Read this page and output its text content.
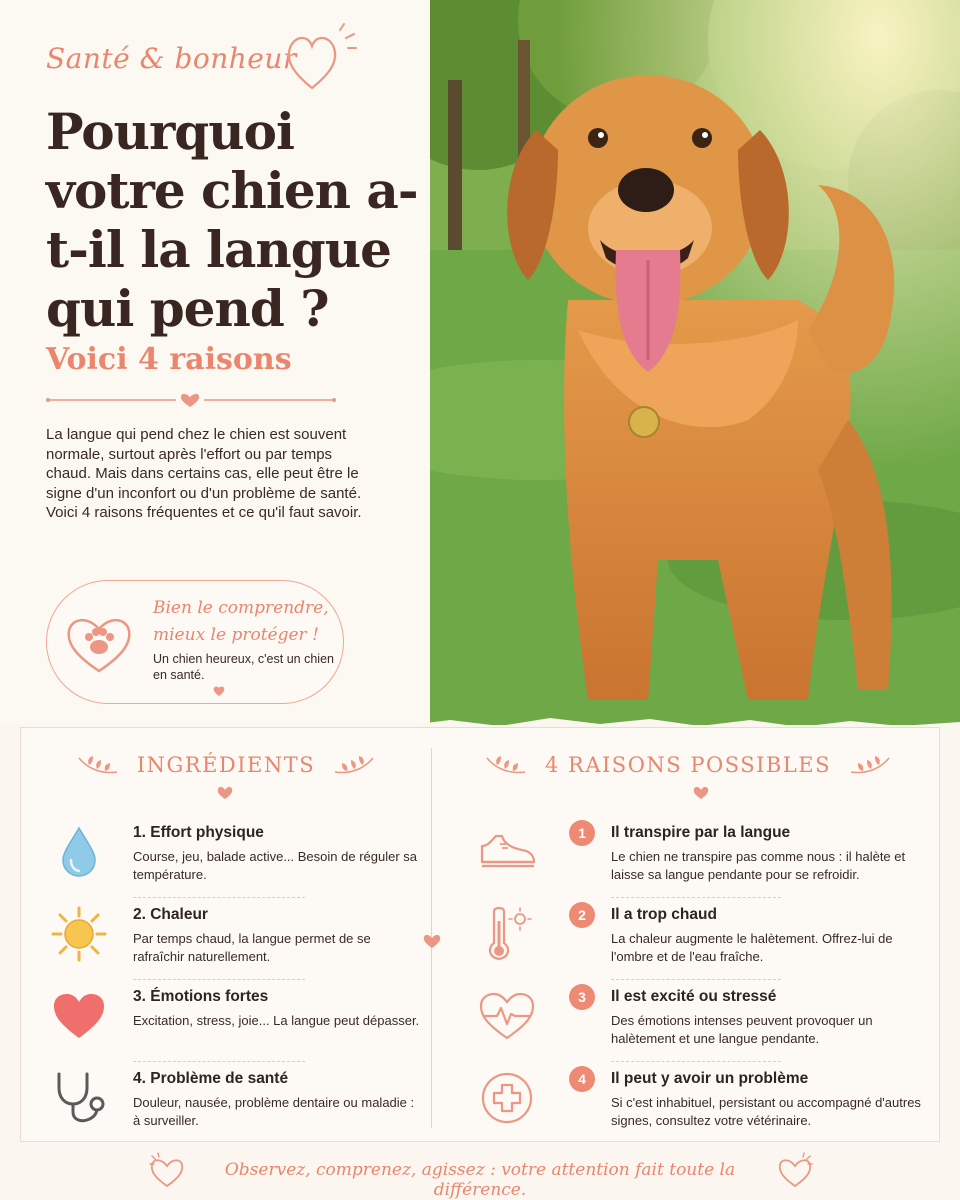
Santé & bonheur
Pourquoi votre chien a-t-il la langue qui pend ?
Voici 4 raisons
La langue qui pend chez le chien est souvent normale, surtout après l'effort ou par temps chaud. Mais dans certains cas, elle peut être le signe d'un inconfort ou d'un problème de santé. Voici 4 raisons fréquentes et ce qu'il faut savoir.
Bien le comprendre, mieux le protéger !
Un chien heureux, c'est un chien en santé.
INGRÉDIENTS
1. Effort physique
Course, jeu, balade active... Besoin de réguler sa température.
2. Chaleur
Par temps chaud, la langue permet de se rafraîchir naturellement.
3. Émotions fortes
Excitation, stress, joie... La langue peut dépasser.
4. Problème de santé
Douleur, nausée, problème dentaire ou maladie : à surveiller.
4 RAISONS POSSIBLES
1	Il transpire par la langue
Le chien ne transpire pas comme nous : il halète et laisse sa langue pendante pour se refroidir.
2	Il a trop chaud
La chaleur augmente le halètement. Offrez-lui de l'ombre et de l'eau fraîche.
3	Il est excité ou stressé
Des émotions intenses peuvent provoquer un halètement et une langue pendante.
4	Il peut y avoir un problème
Si c'est inhabituel, persistant ou accompagné d'autres signes, consultez votre vétérinaire.
Observez, comprenez, agissez : votre attention fait toute la différence.
